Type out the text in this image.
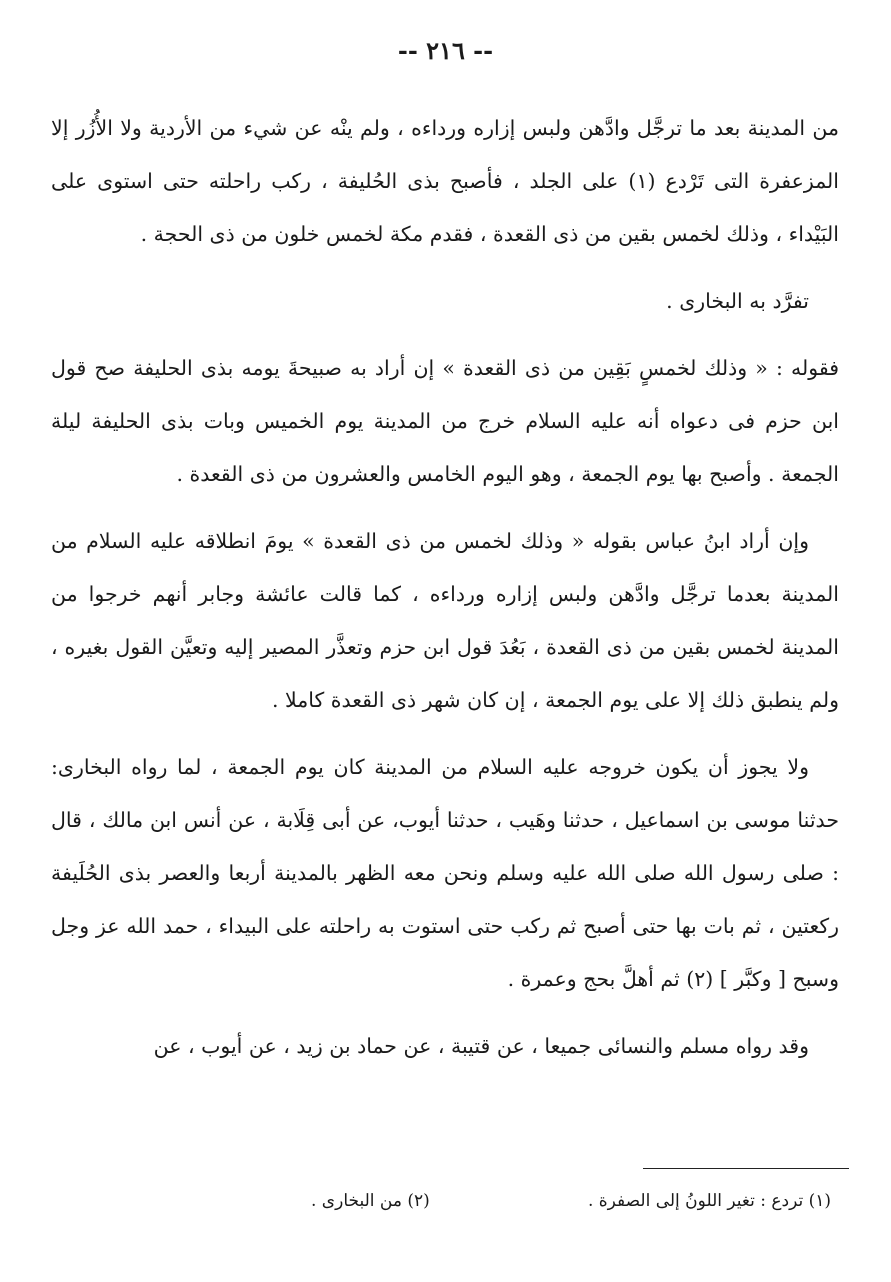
-- ٢١٦ --

من المدينة بعد ما ترجَّل وادَّهن ولبس إزاره ورداءه ، ولم ينْه عن شيء من الأردية ولا الأُزُر إلا المزعفرة التى تَرْدع (١) على الجلد ، فأصبح بذى الحُليفة ، ركب راحلته حتى استوى على البَيْداء ، وذلك لخمس بقين من ذى القعدة ، فقدم مكة لخمس خلون من ذى الحجة .

تفرَّد به البخارى .

فقوله : « وذلك لخمسٍ بَقِين من ذى القعدة » إن أراد به صبيحةَ يومه بذى الحليفة صح قول ابن حزم فى دعواه أنه عليه السلام خرج من المدينة يوم الخميس وبات بذى الحليفة ليلة الجمعة . وأصبح بها يوم الجمعة ، وهو اليوم الخامس والعشرون من ذى القعدة .

وإن أراد ابنُ عباس بقوله « وذلك لخمس من ذى القعدة » يومَ انطلاقه عليه السلام من المدينة بعدما ترجَّل وادَّهن ولبس إزاره ورداءه ، كما قالت عائشة وجابر أنهم خرجوا من المدينة لخمس بقين من ذى القعدة ، بَعُدَ قول ابن حزم وتعذَّر المصير إليه وتعيَّن القول بغيره ، ولم ينطبق ذلك إلا على يوم الجمعة ، إن كان شهر ذى القعدة كاملا .

ولا يجوز أن يكون خروجه عليه السلام من المدينة كان يوم الجمعة ، لما رواه البخارى: حدثنا موسى بن اسماعيل ، حدثنا وهَيب ، حدثنا أيوب، عن أبى قِلَابة ، عن أنس ابن مالك ، قال : صلى رسول الله صلى الله عليه وسلم ونحن معه الظهر بالمدينة أربعا والعصر بذى الحُلَيفة ركعتين ، ثم بات بها حتى أصبح ثم ركب حتى استوت به راحلته على البيداء ، حمد الله عز وجل وسبح [ وكبَّر ] (٢) ثم أهلَّ بحج وعمرة .

وقد رواه مسلم والنسائى جميعا ، عن قتيبة ، عن حماد بن زيد ، عن أيوب ، عن

(١) تردع : تغير اللونُ إلى الصفرة .
(٢) من البخارى .
